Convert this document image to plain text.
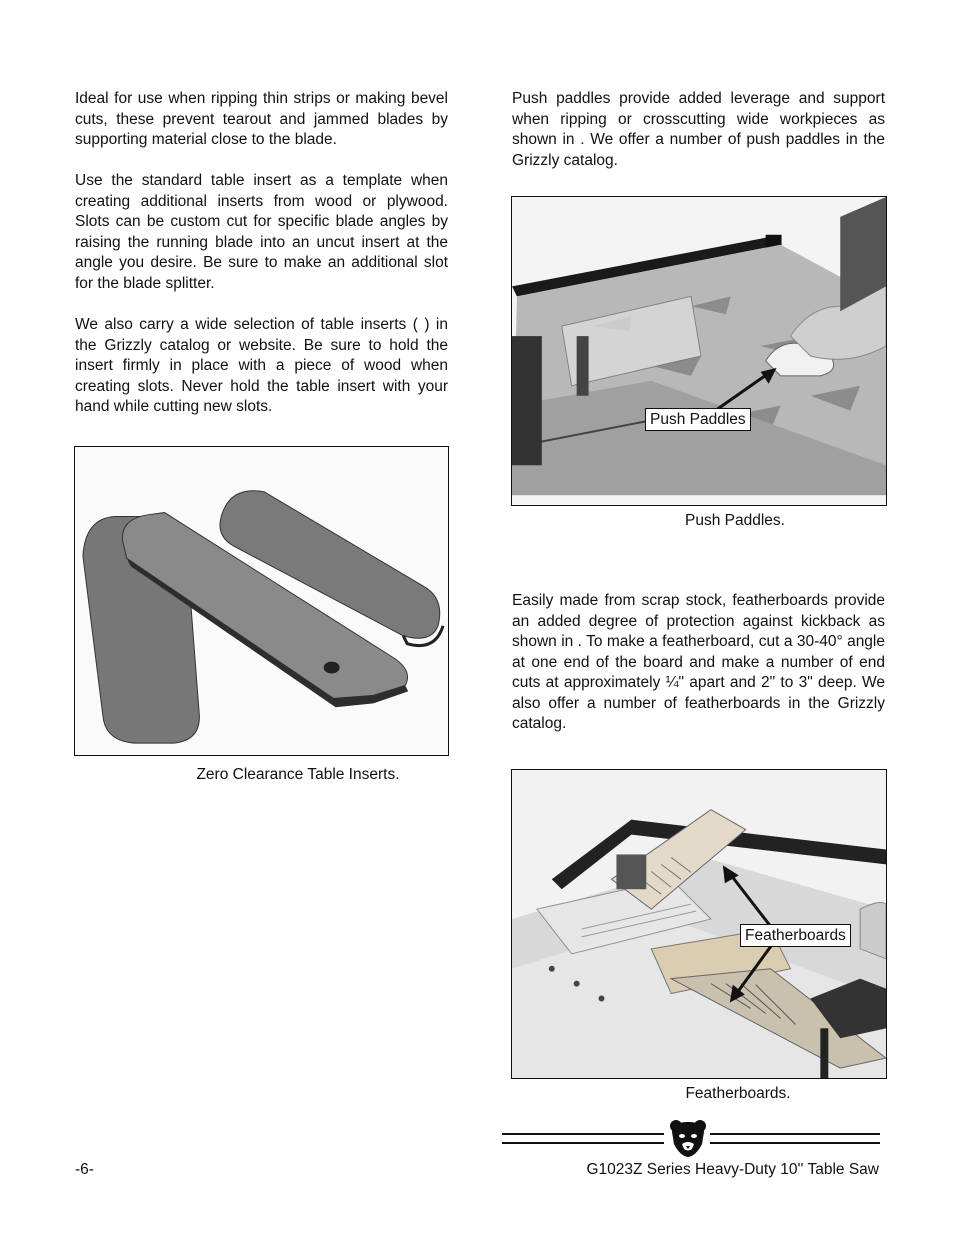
Ideal for use when ripping thin strips or making bevel cuts, these prevent tearout and jammed blades by supporting material close to the blade.

Use the standard table insert as a template when creating additional inserts from wood or plywood. Slots can be custom cut for specific blade angles by raising the running blade into an uncut insert at the angle you desire. Be sure to make an additional slot for the blade splitter.

We also carry a wide selection of table inserts ( ) in the Grizzly catalog or website. Be sure to hold the insert firmly in place with a piece of wood when creating slots. Never hold the table insert with your hand while cutting new slots.

Zero Clearance Table Inserts.

Push paddles provide added leverage and support when ripping or crosscutting wide workpieces as shown in . We offer a number of push paddles in the Grizzly catalog.

Push Paddles
Push Paddles.

Easily made from scrap stock, featherboards provide an added degree of protection against kickback as shown in . To make a featherboard, cut a 30-40° angle at one end of the board and make a number of end cuts at approximately ¼" apart and 2" to 3" deep. We also offer a number of featherboards in the Grizzly catalog.

Featherboards
Featherboards.
-6-	G1023Z Series Heavy-Duty 10'' Table Saw
